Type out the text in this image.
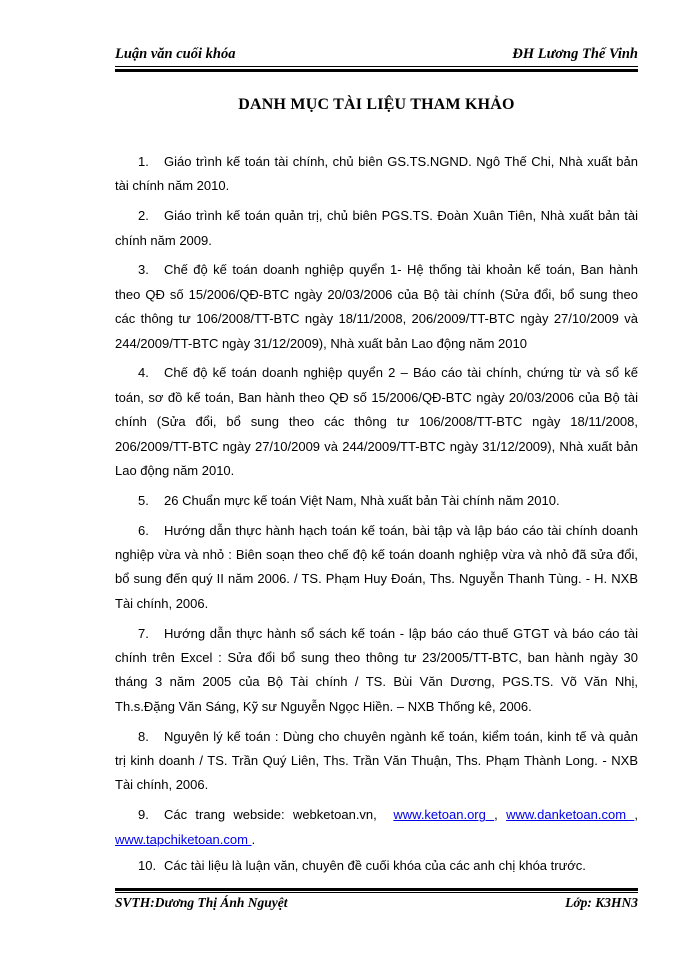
Luận văn cuối khóa	ĐH Lương Thế Vinh
DANH MỤC TÀI LIỆU THAM KHẢO
1. Giáo trình kế toán tài chính, chủ biên GS.TS.NGND. Ngô Thế Chi, Nhà xuất bản tài chính năm 2010.
2. Giáo trình kế toán quản trị, chủ biên PGS.TS. Đoàn Xuân Tiên, Nhà xuất bản tài chính năm 2009.
3. Chế độ kế toán doanh nghiệp quyển 1- Hệ thống tài khoản kế toán, Ban hành theo QĐ số 15/2006/QĐ-BTC ngày 20/03/2006 của Bộ tài chính (Sửa đổi, bổ sung theo các thông tư 106/2008/TT-BTC ngày 18/11/2008, 206/2009/TT-BTC ngày 27/10/2009 và 244/2009/TT-BTC ngày 31/12/2009), Nhà xuất bản Lao động năm 2010
4. Chế độ kế toán doanh nghiệp quyển 2 – Báo cáo tài chính, chứng từ và sổ kế toán, sơ đồ kế toán, Ban hành theo QĐ số 15/2006/QĐ-BTC ngày 20/03/2006 của Bộ tài chính (Sửa đổi, bổ sung theo các thông tư 106/2008/TT-BTC ngày 18/11/2008, 206/2009/TT-BTC ngày 27/10/2009 và 244/2009/TT-BTC ngày 31/12/2009), Nhà xuất bản Lao động năm 2010.
5. 26 Chuẩn mực kế toán Việt Nam, Nhà xuất bản Tài chính năm 2010.
6. Hướng dẫn thực hành hạch toán kế toán, bài tập và lập báo cáo tài chính doanh nghiệp vừa và nhỏ : Biên soạn theo chế độ kế toán doanh nghiệp vừa và nhỏ đã sửa đổi, bổ sung đến quý II năm 2006. / TS. Phạm Huy Đoán, Ths. Nguyễn Thanh Tùng. - H. NXB Tài chính, 2006.
7. Hướng dẫn thực hành sổ sách kế toán - lập báo cáo thuế GTGT và báo cáo tài chính trên Excel : Sửa đổi bổ sung theo thông tư 23/2005/TT-BTC, ban hành ngày 30 tháng 3 năm 2005 của Bộ Tài chính / TS. Bùi Văn Dương, PGS.TS. Võ Văn Nhị, Th.s.Đặng Văn Sáng, Kỹ sư Nguyễn Ngọc Hiền. – NXB Thống kê, 2006.
8. Nguyên lý kế toán : Dùng cho chuyên ngành kế toán, kiểm toán, kinh tế và quản trị kinh doanh / TS. Trần Quý Liên, Ths. Trần Văn Thuận, Ths. Phạm Thành Long. - NXB Tài chính, 2006.
9. Các trang webside: webketoan.vn, www.ketoan.org , www.danketoan.com , www.tapchiketoan.com .
10. Các tài liệu là luận văn, chuyên đề cuối khóa của các anh chị khóa trước.
SVTH:Dương Thị Ánh Nguyệt	Lớp: K3HN3
